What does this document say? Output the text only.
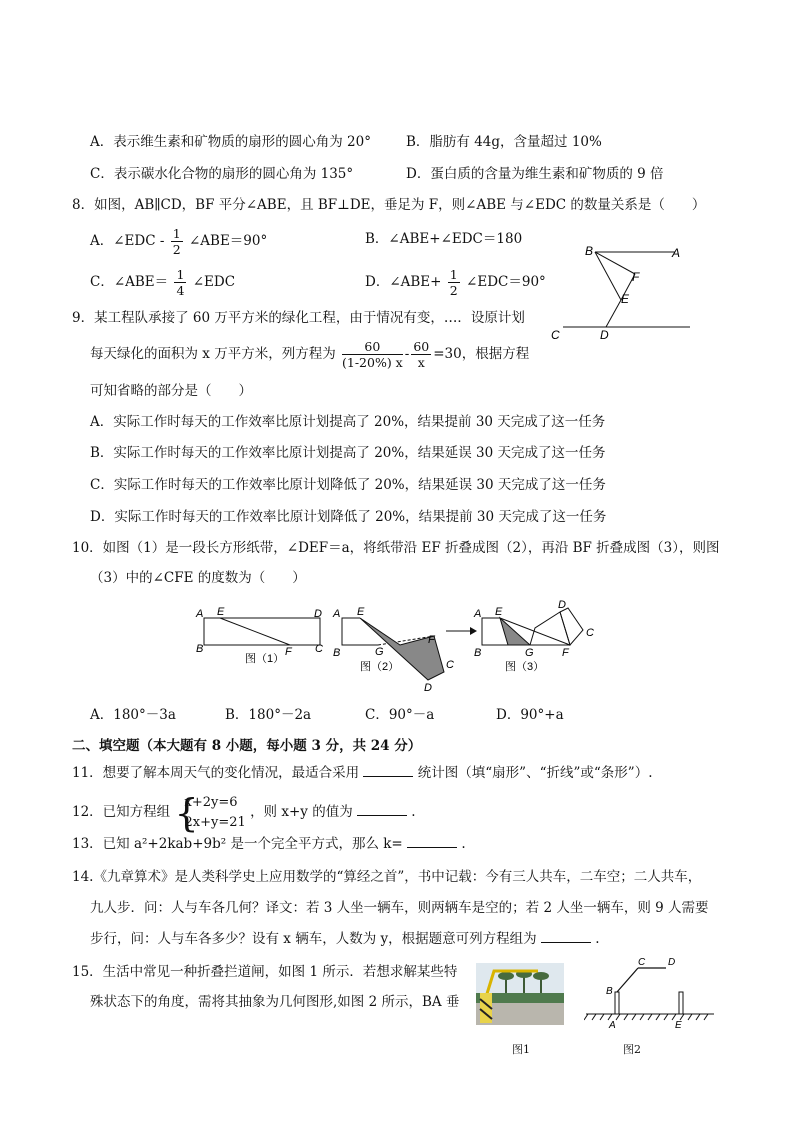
A．表示维生素和矿物质的扇形的圆心角为 20°	B．脂肪有 44g，含量超过 10%
C．表示碳水化合物的扇形的圆心角为 135°	D．蛋白质的含量为维生素和矿物质的 9 倍
8．如图，AB∥CD，BF 平分∠ABE，且 BF⊥DE，垂足为 F，则∠ABE 与∠EDC 的数量关系是（　　）
A．∠EDC - $\frac{1}{2}$ ∠ABE＝90°	B．∠ABE+∠EDC＝180
C．∠ABE＝ $\frac{1}{4}$ ∠EDC	D．∠ABE+ $\frac{1}{2}$ ∠EDC＝90°
B	A
F
E
C	D
9．某工程队承接了 60 万平方米的绿化工程，由于情况有变，…．设原计划
每天绿化的面积为 x 万平方米，列方程为 $\frac{60}{(1-20\%) x} - \frac{60}{x} =30$，根据方程
可知省略的部分是（　　）
A．实际工作时每天的工作效率比原计划提高了 20%，结果提前 30 天完成了这一任务
B．实际工作时每天的工作效率比原计划提高了 20%，结果延误 30 天完成了这一任务
C．实际工作时每天的工作效率比原计划降低了 20%，结果延误 30 天完成了这一任务
D．实际工作时每天的工作效率比原计划降低了 20%，结果提前 30 天完成了这一任务
10．如图（1）是一段长方形纸带，∠DEF＝a，将纸带沿 EF 折叠成图（2），再沿 BF 折叠成图（3），则图
（3）中的∠CFE 的度数为（　　）
A E	D
B	F C
图（1）
A E
B	G
F
C
D
图（2）
A E
B	G	F
D
C
图（3）
A．180°－3a	B．180°－2a	C．90°－a	D．90°+a
二、填空题（本大题有 8 小题，每小题 3 分，共 24 分）
11．想要了解本周天气的变化情况，最适合采用	统计图（填“扇形”、“折线”或“条形”）.
12．已知方程组 {
x+2y=6
2x+y=21
，则 x+y 的值为	.
13．已知 a²+2kab+9b² 是一个完全平方式，那么 k=	.
14.《九章算术》是人类科学史上应用数学的“算经之首”，书中记载：今有三人共车，二车空；二人共车，
九人步．问：人与车各几何？译文：若 3 人坐一辆车，则两辆车是空的；若 2 人坐一辆车，则 9 人需要
步行，问：人与车各多少？设有 x 辆车，人数为 y，根据题意可列方程组为	.
15．生活中常见一种折叠拦道闸，如图 1 所示．若想求解某些特
殊状态下的角度，需将其抽象为几何图形,如图 2 所示，BA 垂
图1
B
C D
A	E
图2
